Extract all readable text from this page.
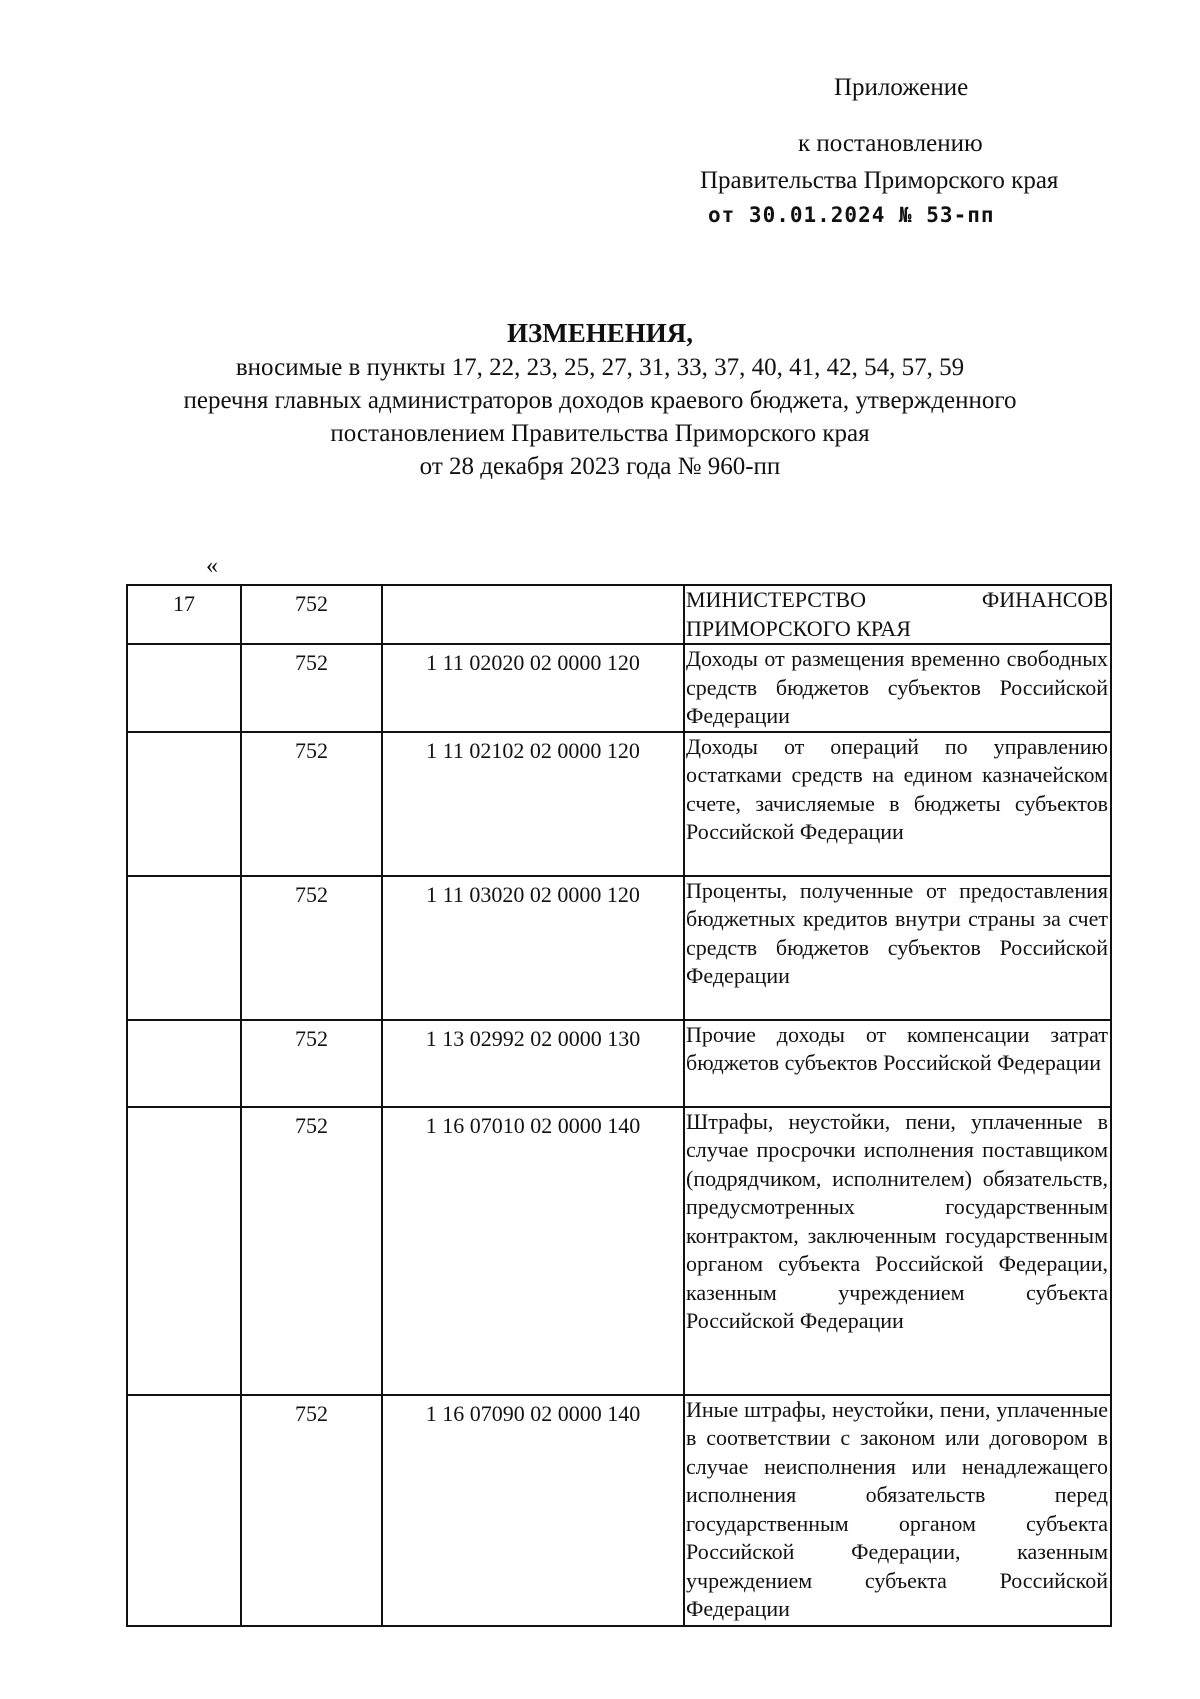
Приложение
к постановлению
Правительства Приморского края
от 30.01.2024 № 53-пп
ИЗМЕНЕНИЯ,
вносимые в пункты 17, 22, 23, 25, 27, 31, 33, 37, 40, 41, 42, 54, 57, 59
перечня главных администраторов доходов краевого бюджета, утвержденного
постановлением Правительства Приморского края
от 28 декабря 2023 года № 960-пп
«
17	752		МИНИСТЕРСТВО ФИНАНСОВ ПРИМОРСКОГО КРАЯ
	752	1 11 02020 02 0000 120	Доходы от размещения временно свободных средств бюджетов субъектов Российской Федерации
	752	1 11 02102 02 0000 120	Доходы от операций по управлению остатками средств на едином казначейском счете, зачисляемые в бюджеты субъектов Российской Федерации
	752	1 11 03020 02 0000 120	Проценты, полученные от предоставления бюджетных кредитов внутри страны за счет средств бюджетов субъектов Российской Федерации
	752	1 13 02992 02 0000 130	Прочие доходы от компенсации затрат бюджетов субъектов Российской Федерации
	752	1 16 07010 02 0000 140	Штрафы, неустойки, пени, уплаченные в случае просрочки исполнения поставщиком (подрядчиком, исполнителем) обязательств, предусмотренных государственным контрактом, заключенным государственным органом субъекта Российской Федерации, казенным учреждением субъекта Российской Федерации
	752	1 16 07090 02 0000 140	Иные штрафы, неустойки, пени, уплаченные в соответствии с законом или договором в случае неисполнения или ненадлежащего исполнения обязательств перед государственным органом субъекта Российской Федерации, казенным учреждением субъекта Российской Федерации
